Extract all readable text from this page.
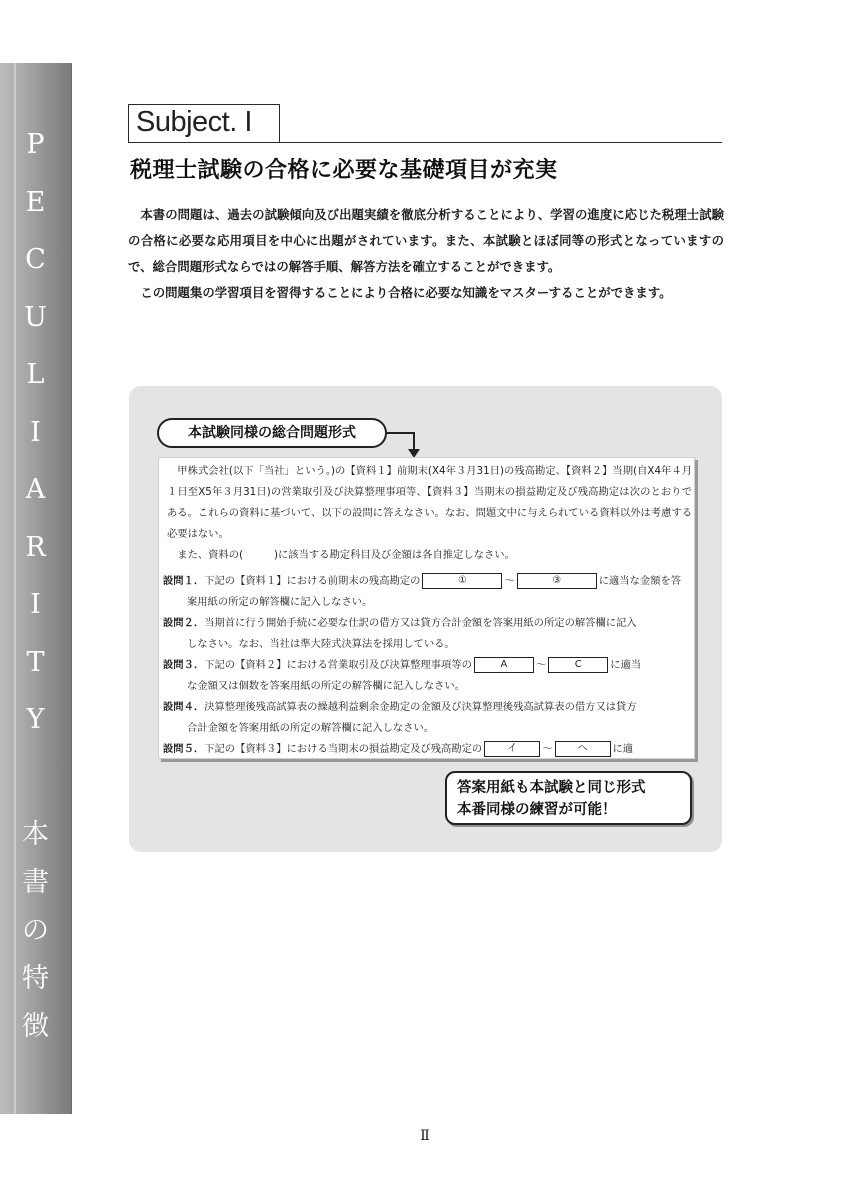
P
E
C
U
L
I
A
R
I
T
Y
本
書
の
特
徴
Subject. I
税理士試験の合格に必要な基礎項目が充実

本書の問題は、過去の試験傾向及び出題実績を徹底分析することにより、学習の進度に応じた税理士試験の合格に必要な応用項目を中心に出題がされています。また、本試験とほぼ同等の形式となっていますので、総合問題形式ならではの解答手順、解答方法を確立することができます。

この問題集の学習項目を習得することにより合格に必要な知識をマスターすることができます。

本試験同様の総合問題形式

甲株式会社(以下「当社」という。)の【資料１】前期末(X4年３月31日)の残高勘定、【資料２】当期(自X4年４月１日至X5年３月31日)の営業取引及び決算整理事項等、【資料３】当期末の損益勘定及び残高勘定は次のとおりである。これらの資料に基づいて、以下の設問に答えなさい。なお、問題文中に与えられている資料以外は考慮する必要はない。

また、資料の(　　　)に該当する勘定科目及び金額は各自推定しなさい。

設問１．下記の【資料１】における前期末の残高勘定の	①	～	③	に適当な金額を答
案用紙の所定の解答欄に記入しなさい。
設問２．当期首に行う開始手続に必要な仕訳の借方又は貸方合計金額を答案用紙の所定の解答欄に記入
しなさい。なお、当社は準大陸式決算法を採用している。
設問３．下記の【資料２】における営業取引及び決算整理事項等の	A	～	C	に適当
な金額又は個数を答案用紙の所定の解答欄に記入しなさい。
設問４．決算整理後残高試算表の繰越利益剰余金勘定の金額及び決算整理後残高試算表の借方又は貸方
合計金額を答案用紙の所定の解答欄に記入しなさい。
設問５．下記の【資料３】における当期末の損益勘定及び残高勘定の	イ ～	ヘ に適
答案用紙も本試験と同じ形式
本番同様の練習が可能！
Ⅱ
